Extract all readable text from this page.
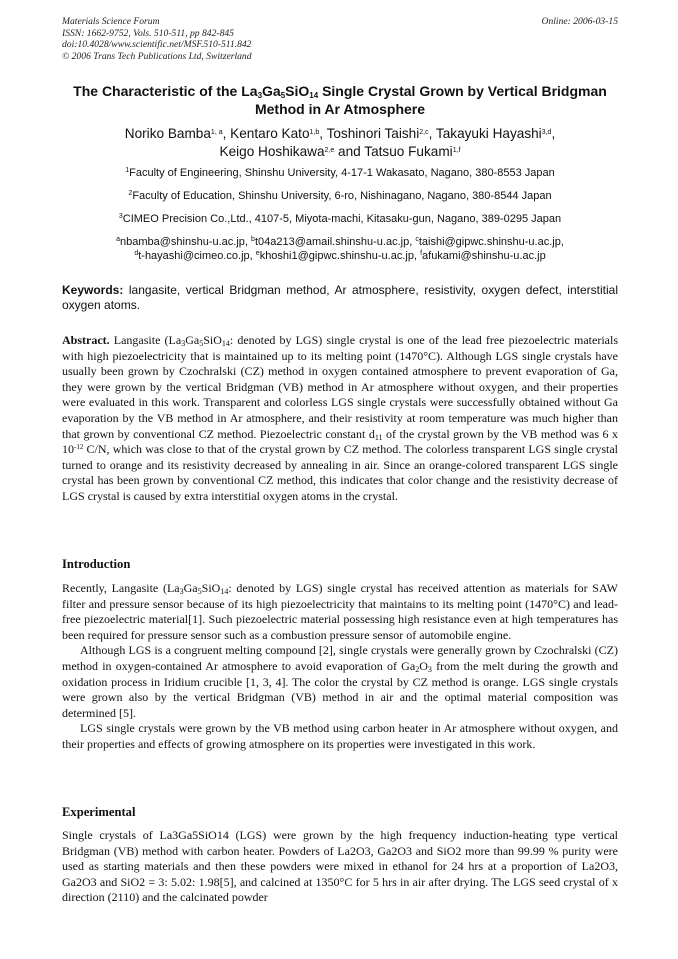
Materials Science Forum
ISSN: 1662-9752, Vols. 510-511, pp 842-845
doi:10.4028/www.scientific.net/MSF.510-511.842
© 2006 Trans Tech Publications Ltd, Switzerland
Online: 2006-03-15
The Characteristic of the $La_3Ga_5SiO_{14}$ Single Crystal Grown by Vertical Bridgman Method in Ar Atmosphere
Noriko Bamba$^{1, a}$, Kentaro Kato$^{1,b}$, Toshinori Taishi$^{2,c}$, Takayuki Hayashi$^{3,d}$,
Keigo Hoshikawa$^{2,e}$ and Tatsuo Fukami$^{1,f}$
$^1$Faculty of Engineering, Shinshu University, 4-17-1 Wakasato, Nagano, 380-8553 Japan
$^2$Faculty of Education, Shinshu University, 6-ro, Nishinagano, Nagano, 380-8544 Japan
$^3$CIMEO Precision Co.,Ltd., 4107-5, Miyota-machi, Kitasaku-gun, Nagano, 389-0295 Japan
$^a$nbamba@shinshu-u.ac.jp, $^b$t04a213@amail.shinshu-u.ac.jp, $^c$taishi@gipwc.shinshu-u.ac.jp,
$^d$t-hayashi@cimeo.co.jp, $^e$khoshi1@gipwc.shinshu-u.ac.jp, $^f$afukami@shinshu-u.ac.jp
Keywords: langasite, vertical Bridgman method, Ar atmosphere, resistivity, oxygen defect, interstitial oxygen atoms.
Abstract. Langasite ($La_3Ga_5SiO_{14}$: denoted by LGS) single crystal is one of the lead free piezoelectric materials with high piezoelectricity that is maintained up to its melting point (1470°C). Although LGS single crystals have usually been grown by Czochralski (CZ) method in oxygen contained atmosphere to prevent evaporation of Ga, they were grown by the vertical Bridgman (VB) method in Ar atmosphere without oxygen, and their properties were evaluated in this work. Transparent and colorless LGS single crystals were successfully obtained without Ga evaporation by the VB method in Ar atmosphere, and their resistivity at room temperature was much higher than that grown by conventional CZ method. Piezoelectric constant $d_{11}$ of the crystal grown by the VB method was 6 x $10^{-12}$ C/N, which was close to that of the crystal grown by CZ method. The colorless transparent LGS single crystal turned to orange and its resistivity decreased by annealing in air. Since an orange-colored transparent LGS single crystal has been grown by conventional CZ method, this indicates that color change and the resistivity decrease of LGS crystal is caused by extra interstitial oxygen atoms in the crystal.
Introduction

Recently, Langasite ($La_3Ga_5SiO_{14}$: denoted by LGS) single crystal has received attention as materials for SAW filter and pressure sensor because of its high piezoelectricity that maintains to its melting point (1470°C) and lead-free piezoelectric material[1]. Such piezoelectric material possessing high resistance even at high temperatures has been required for pressure sensor such as a combustion pressure sensor of automobile engine.

Although LGS is a congruent melting compound [2], single crystals were generally grown by Czochralski (CZ) method in oxygen-contained Ar atmosphere to avoid evaporation of $Ga_2O_3$ from the melt during the growth and oxidation process in Iridium crucible [1, 3, 4]. The color the crystal by CZ method is orange. LGS single crystals were grown also by the vertical Bridgman (VB) method in air and the optimal material composition was determined [5].

LGS single crystals were grown by the VB method using carbon heater in Ar atmosphere without oxygen, and their properties and effects of growing atmosphere on its properties were investigated in this work.

Experimental

Single crystals of La3Ga5SiO14 (LGS) were grown by the high frequency induction-heating type vertical Bridgman (VB) method with carbon heater. Powders of La2O3, Ga2O3 and SiO2 more than 99.99 % purity were used as starting materials and then these powders were mixed in ethanol for 24 hrs at a proportion of La2O3, Ga2O3 and SiO2 = 3: 5.02: 1.98[5], and calcined at 1350°C for 5 hrs in air after drying. The LGS seed crystal of x direction (2110) and the calcinated powder
